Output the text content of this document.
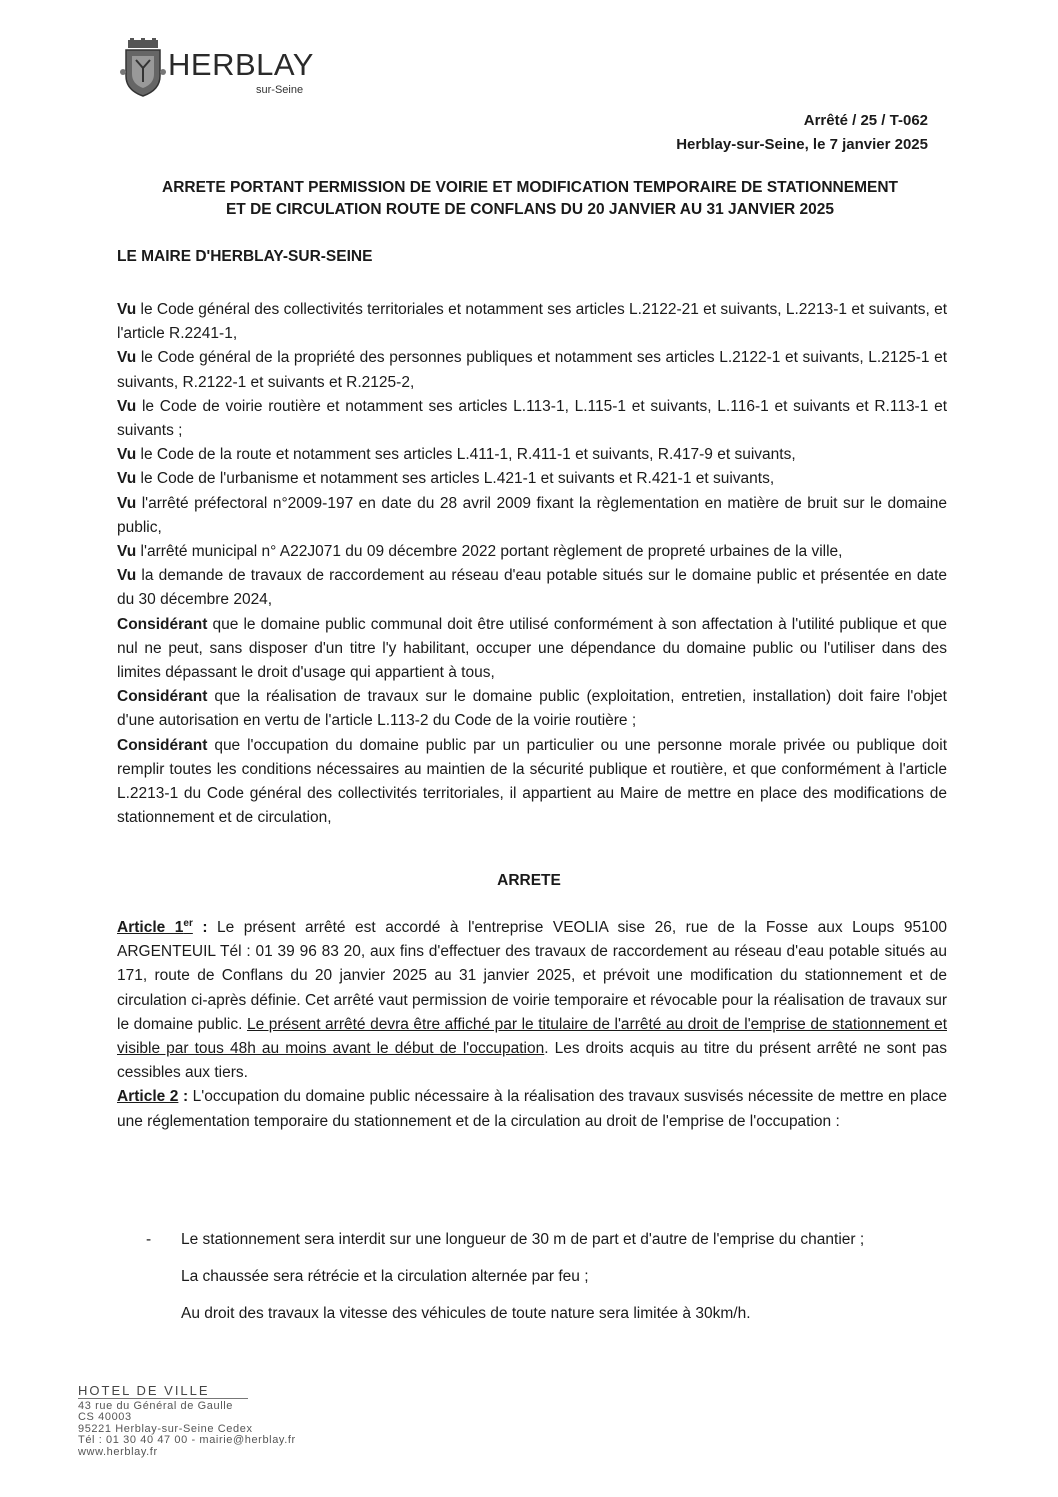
HERBLAY
sur-Seine
Arrêté / 25 / T-062
Herblay-sur-Seine, le 7 janvier 2025
ARRETE PORTANT PERMISSION DE VOIRIE ET MODIFICATION TEMPORAIRE DE STATIONNEMENT
ET DE CIRCULATION ROUTE DE CONFLANS DU 20 JANVIER AU 31 JANVIER 2025
LE MAIRE D'HERBLAY-SUR-SEINE

Vu le Code général des collectivités territoriales et notamment ses articles L.2122-21 et suivants, L.2213-1 et suivants, et l'article R.2241-1,

Vu le Code général de la propriété des personnes publiques et notamment ses articles L.2122-1 et suivants, L.2125-1 et suivants, R.2122-1 et suivants et R.2125-2,

Vu le Code de voirie routière et notamment ses articles L.113-1, L.115-1 et suivants, L.116-1 et suivants et R.113-1 et suivants ;

Vu le Code de la route et notamment ses articles L.411-1, R.411-1 et suivants, R.417-9 et suivants,

Vu le Code de l'urbanisme et notamment ses articles L.421-1 et suivants et R.421-1 et suivants,

Vu l'arrêté préfectoral n°2009-197 en date du 28 avril 2009 fixant la règlementation en matière de bruit sur le domaine public,

Vu l'arrêté municipal n° A22J071 du 09 décembre 2022 portant règlement de propreté urbaines de la ville,

Vu la demande de travaux de raccordement au réseau d'eau potable situés sur le domaine public et présentée en date du 30 décembre 2024,

Considérant que le domaine public communal doit être utilisé conformément à son affectation à l'utilité publique et que nul ne peut, sans disposer d'un titre l'y habilitant, occuper une dépendance du domaine public ou l'utiliser dans des limites dépassant le droit d'usage qui appartient à tous,

Considérant que la réalisation de travaux sur le domaine public (exploitation, entretien, installation) doit faire l'objet d'une autorisation en vertu de l'article L.113-2 du Code de la voirie routière ;

Considérant que l'occupation du domaine public par un particulier ou une personne morale privée ou publique doit remplir toutes les conditions nécessaires au maintien de la sécurité publique et routière, et que conformément à l'article L.2213-1 du Code général des collectivités territoriales, il appartient au Maire de mettre en place des modifications de stationnement et de circulation,

ARRETE

Article 1er : Le présent arrêté est accordé à l'entreprise VEOLIA sise 26, rue de la Fosse aux Loups 95100 ARGENTEUIL Tél : 01 39 96 83 20, aux fins d'effectuer des travaux de raccordement au réseau d'eau potable situés au 171, route de Conflans du 20 janvier 2025 au 31 janvier 2025, et prévoit une modification du stationnement et de circulation ci-après définie. Cet arrêté vaut permission de voirie temporaire et révocable pour la réalisation de travaux sur le domaine public. Le présent arrêté devra être affiché par le titulaire de l'arrêté au droit de l'emprise de stationnement et visible par tous 48h au moins avant le début de l'occupation. Les droits acquis au titre du présent arrêté ne sont pas cessibles aux tiers.

Article 2 : L'occupation du domaine public nécessaire à la réalisation des travaux susvisés nécessite de mettre en place une réglementation temporaire du stationnement et de la circulation au droit de l'emprise de l'occupation :

- Le stationnement sera interdit sur une longueur de 30 m de part et d'autre de l'emprise du chantier ;
La chaussée sera rétrécie et la circulation alternée par feu ;
Au droit des travaux la vitesse des véhicules de toute nature sera limitée à 30km/h.
HOTEL DE VILLE
43 rue du Général de Gaulle
CS 40003
95221 Herblay-sur-Seine Cedex
Tél : 01 30 40 47 00 - mairie@herblay.fr
www.herblay.fr
